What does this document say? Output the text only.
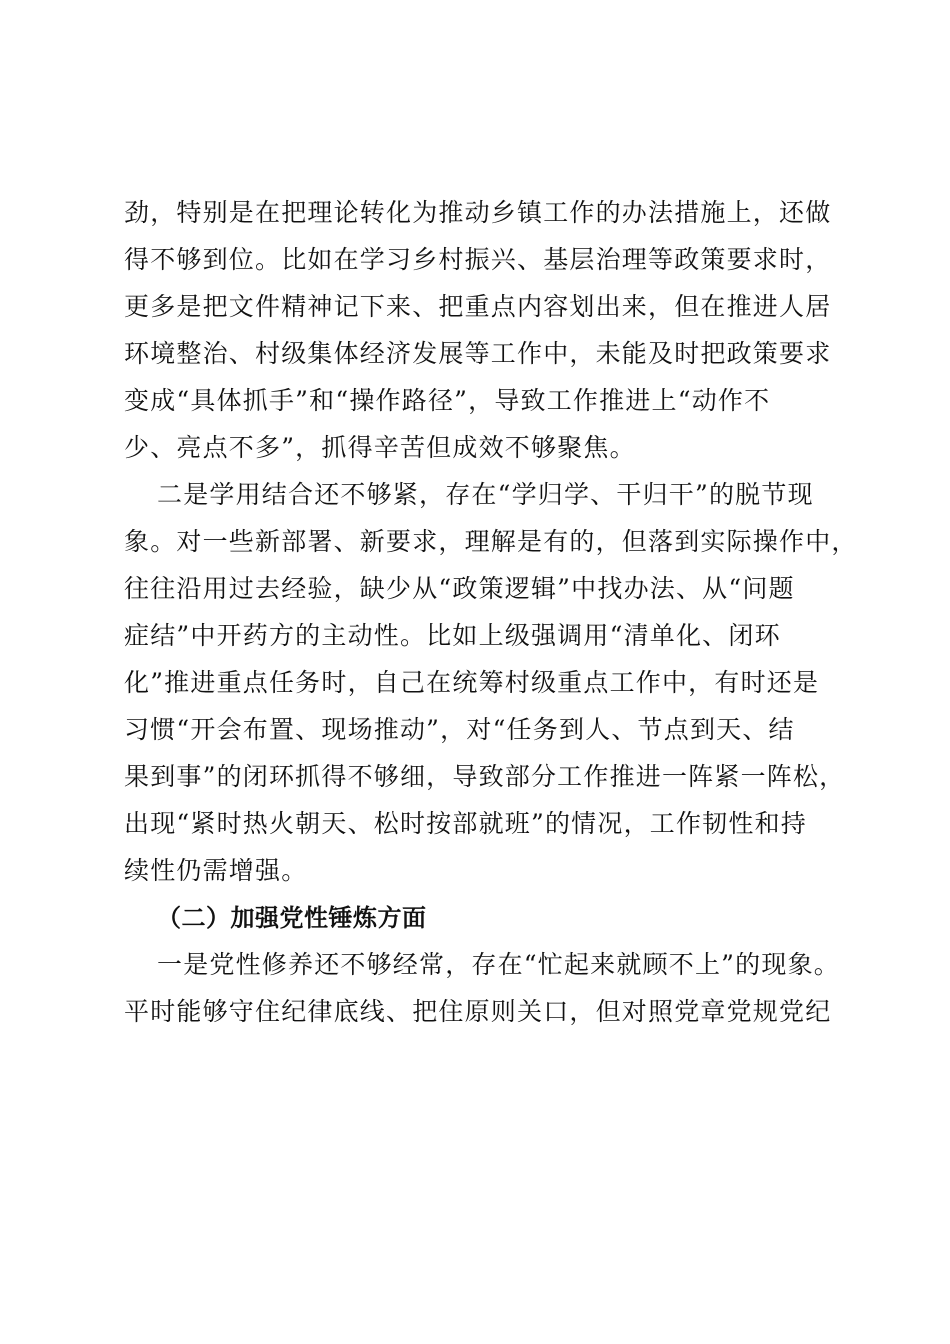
劲，特别是在把理论转化为推动乡镇工作的办法措施上，还做
得不够到位。比如在学习乡村振兴、基层治理等政策要求时，
更多是把文件精神记下来、把重点内容划出来，但在推进人居
环境整治、村级集体经济发展等工作中，未能及时把政策要求
变成“具体抓手”和“操作路径”，导致工作推进上“动作不
少、亮点不多”，抓得辛苦但成效不够聚焦。
二是学用结合还不够紧，存在“学归学、干归干”的脱节现
象。对一些新部署、新要求，理解是有的，但落到实际操作中，
往往沿用过去经验，缺少从“政策逻辑”中找办法、从“问题
症结”中开药方的主动性。比如上级强调用“清单化、闭环
化”推进重点任务时，自己在统筹村级重点工作中，有时还是
习惯“开会布置、现场推动”，对“任务到人、节点到天、结
果到事”的闭环抓得不够细，导致部分工作推进一阵紧一阵松，
出现“紧时热火朝天、松时按部就班”的情况，工作韧性和持
续性仍需增强。
（二）加强党性锤炼方面
一是党性修养还不够经常，存在“忙起来就顾不上”的现象。
平时能够守住纪律底线、把住原则关口，但对照党章党规党纪
